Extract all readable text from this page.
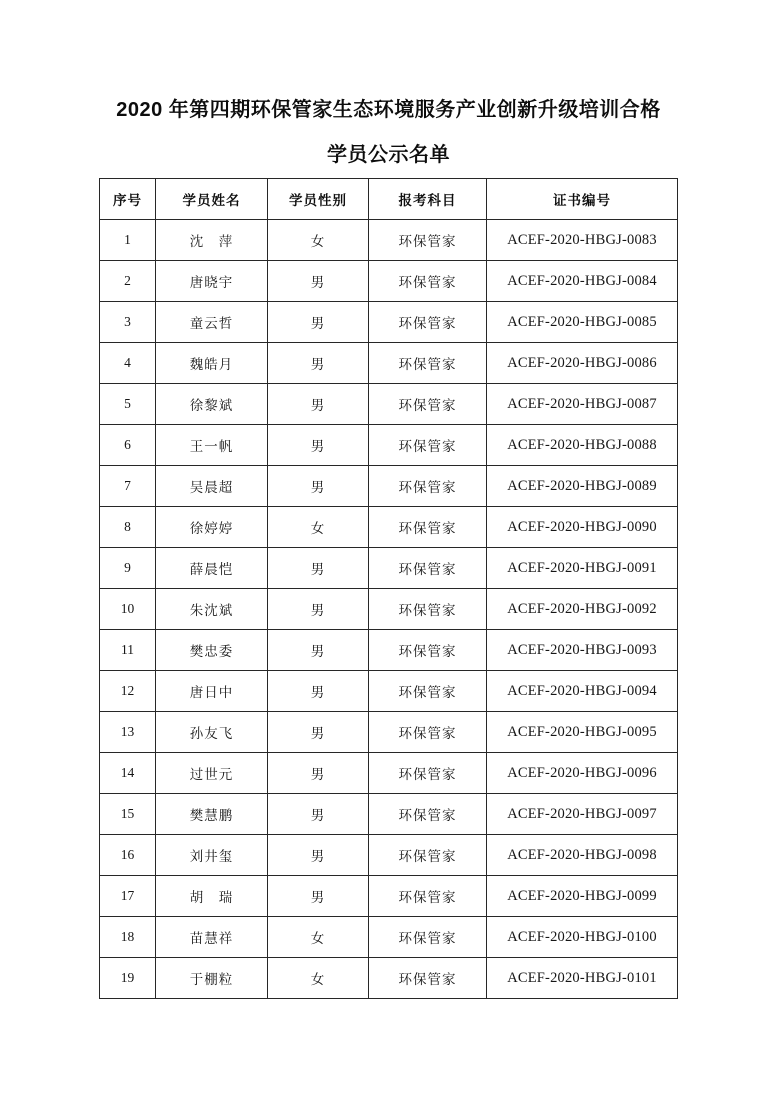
2020 年第四期环保管家生态环境服务产业创新升级培训合格
学员公示名单
序号	学员姓名	学员性别	报考科目	证书编号
1	沈　萍	女	环保管家	ACEF-2020-HBGJ-0083
2	唐晓宇	男	环保管家	ACEF-2020-HBGJ-0084
3	童云哲	男	环保管家	ACEF-2020-HBGJ-0085
4	魏皓月	男	环保管家	ACEF-2020-HBGJ-0086
5	徐黎斌	男	环保管家	ACEF-2020-HBGJ-0087
6	王一帆	男	环保管家	ACEF-2020-HBGJ-0088
7	吴晨超	男	环保管家	ACEF-2020-HBGJ-0089
8	徐婷婷	女	环保管家	ACEF-2020-HBGJ-0090
9	薛晨恺	男	环保管家	ACEF-2020-HBGJ-0091
10	朱沈斌	男	环保管家	ACEF-2020-HBGJ-0092
11	樊忠委	男	环保管家	ACEF-2020-HBGJ-0093
12	唐日中	男	环保管家	ACEF-2020-HBGJ-0094
13	孙友飞	男	环保管家	ACEF-2020-HBGJ-0095
14	过世元	男	环保管家	ACEF-2020-HBGJ-0096
15	樊慧鹏	男	环保管家	ACEF-2020-HBGJ-0097
16	刘井玺	男	环保管家	ACEF-2020-HBGJ-0098
17	胡　瑞	男	环保管家	ACEF-2020-HBGJ-0099
18	苗慧祥	女	环保管家	ACEF-2020-HBGJ-0100
19	于棚粒	女	环保管家	ACEF-2020-HBGJ-0101
